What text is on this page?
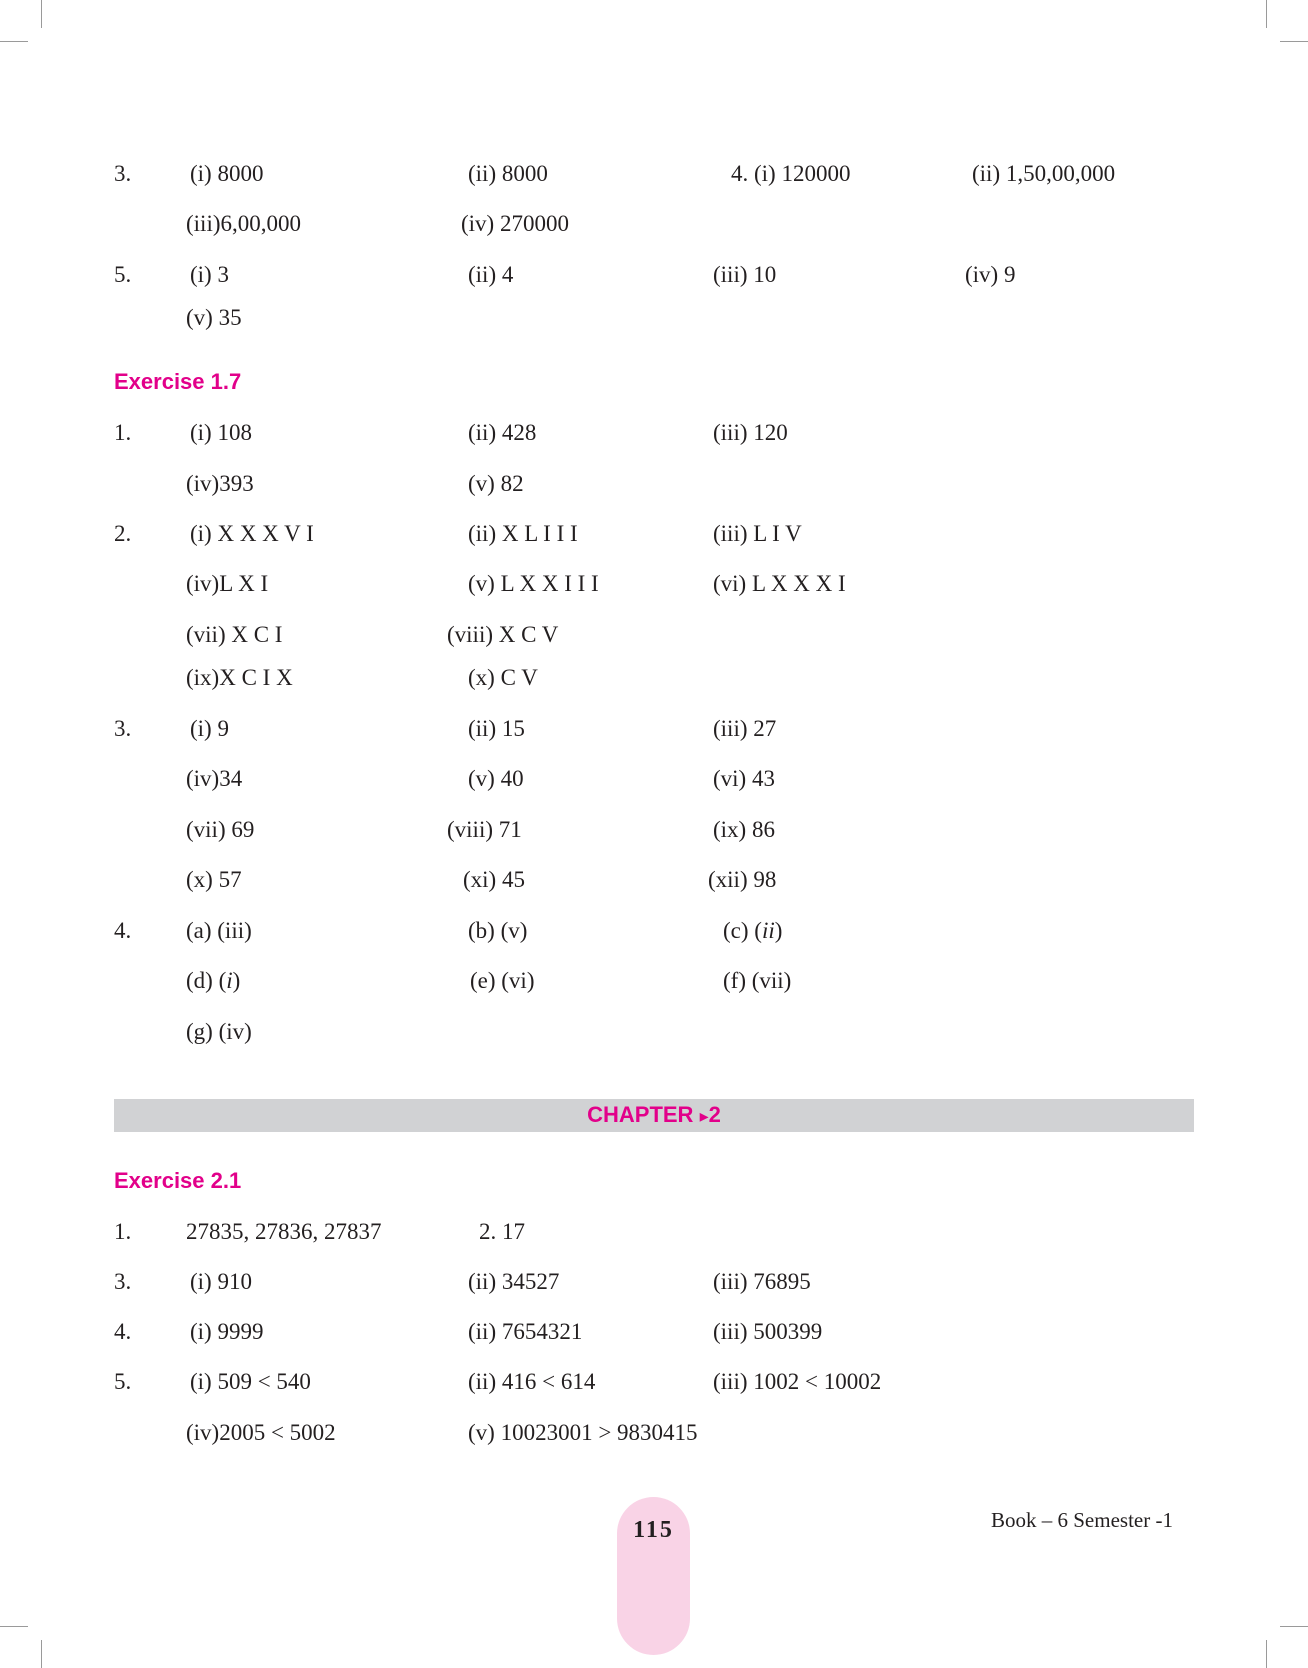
3.	(i) 8000	(ii) 8000	4. (i) 120000	(ii) 1,50,00,000
(iii)6,00,000	(iv) 270000
5.	(i) 3	(ii) 4	(iii) 10	(iv) 9
(v) 35
Exercise 1.7
1.	(i) 108	(ii) 428	(iii) 120
(iv)393	(v) 82
2.	(i) X X X V I	(ii) X L I I I	(iii) L I V
(iv)L X I	(v) L X X I I I	(vi) L X X X I
(vii) X C I	(viii) X C V
(ix)X C I X	(x) C V
3.	(i) 9	(ii) 15	(iii) 27
(iv)34	(v) 40	(vi) 43
(vii) 69	(viii) 71	(ix) 86
(x) 57	(xi) 45	(xii) 98
4. (a) (iii)	(b) (v)	(c) (ii)
(d) (i)	(e) (vi)	(f) (vii)
(g) (iv)
CHAPTER ▸2
Exercise 2.1
1. 27835, 27836, 27837	2. 17
3.	(i) 910	(ii) 34527	(iii) 76895
4.	(i) 9999	(ii) 7654321	(iii) 500399
5.	(i) 509 < 540	(ii) 416 < 614	(iii) 1002 < 10002
(iv)2005 < 5002	(v) 10023001 > 9830415
115	Book – 6 Semester -1
